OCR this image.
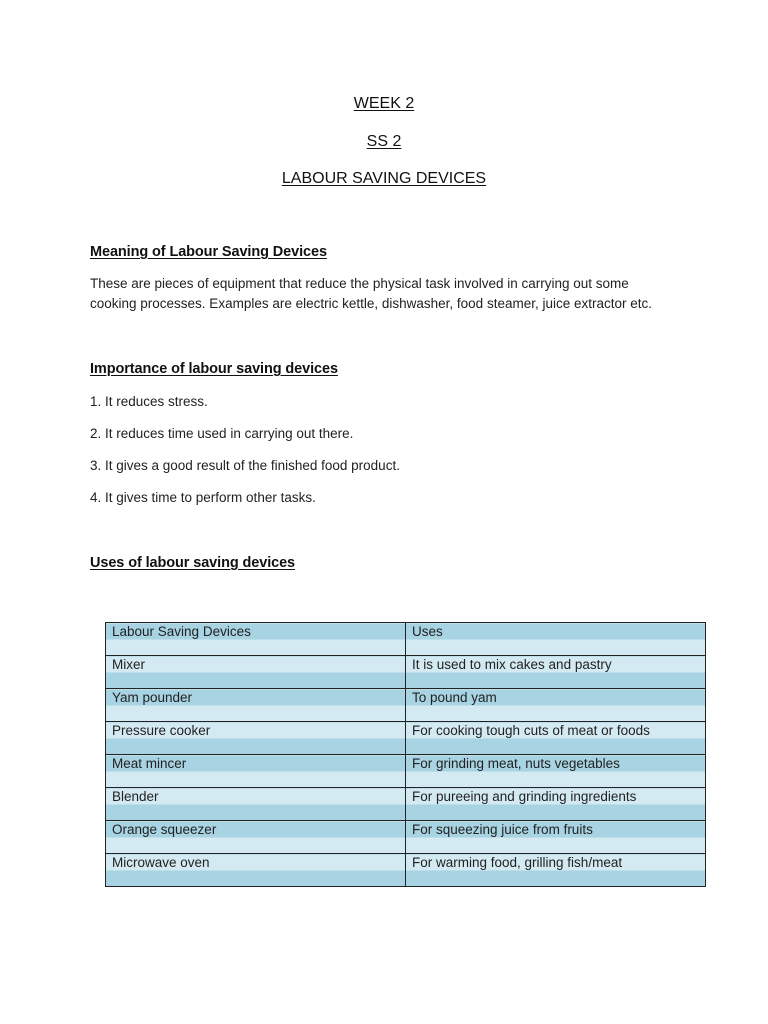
WEEK 2
SS 2
LABOUR SAVING DEVICES
Meaning of Labour Saving Devices
These are pieces of equipment that reduce the physical task involved in carrying out some
cooking processes. Examples are electric kettle, dishwasher, food steamer, juice extractor etc.
Importance of labour saving devices
1. It reduces stress.
2. It reduces time used in carrying out there.
3. It gives a good result of the finished food product.
4. It gives time to perform other tasks.
Uses of labour saving devices
Labour Saving Devices	Uses
Mixer	It is used to mix cakes and pastry
Yam pounder	To pound yam
Pressure cooker	For cooking tough cuts of meat or foods
Meat mincer	For grinding meat, nuts vegetables
Blender	For pureeing and grinding ingredients
Orange squeezer	For squeezing juice from fruits
Microwave oven	For warming food, grilling fish/meat
